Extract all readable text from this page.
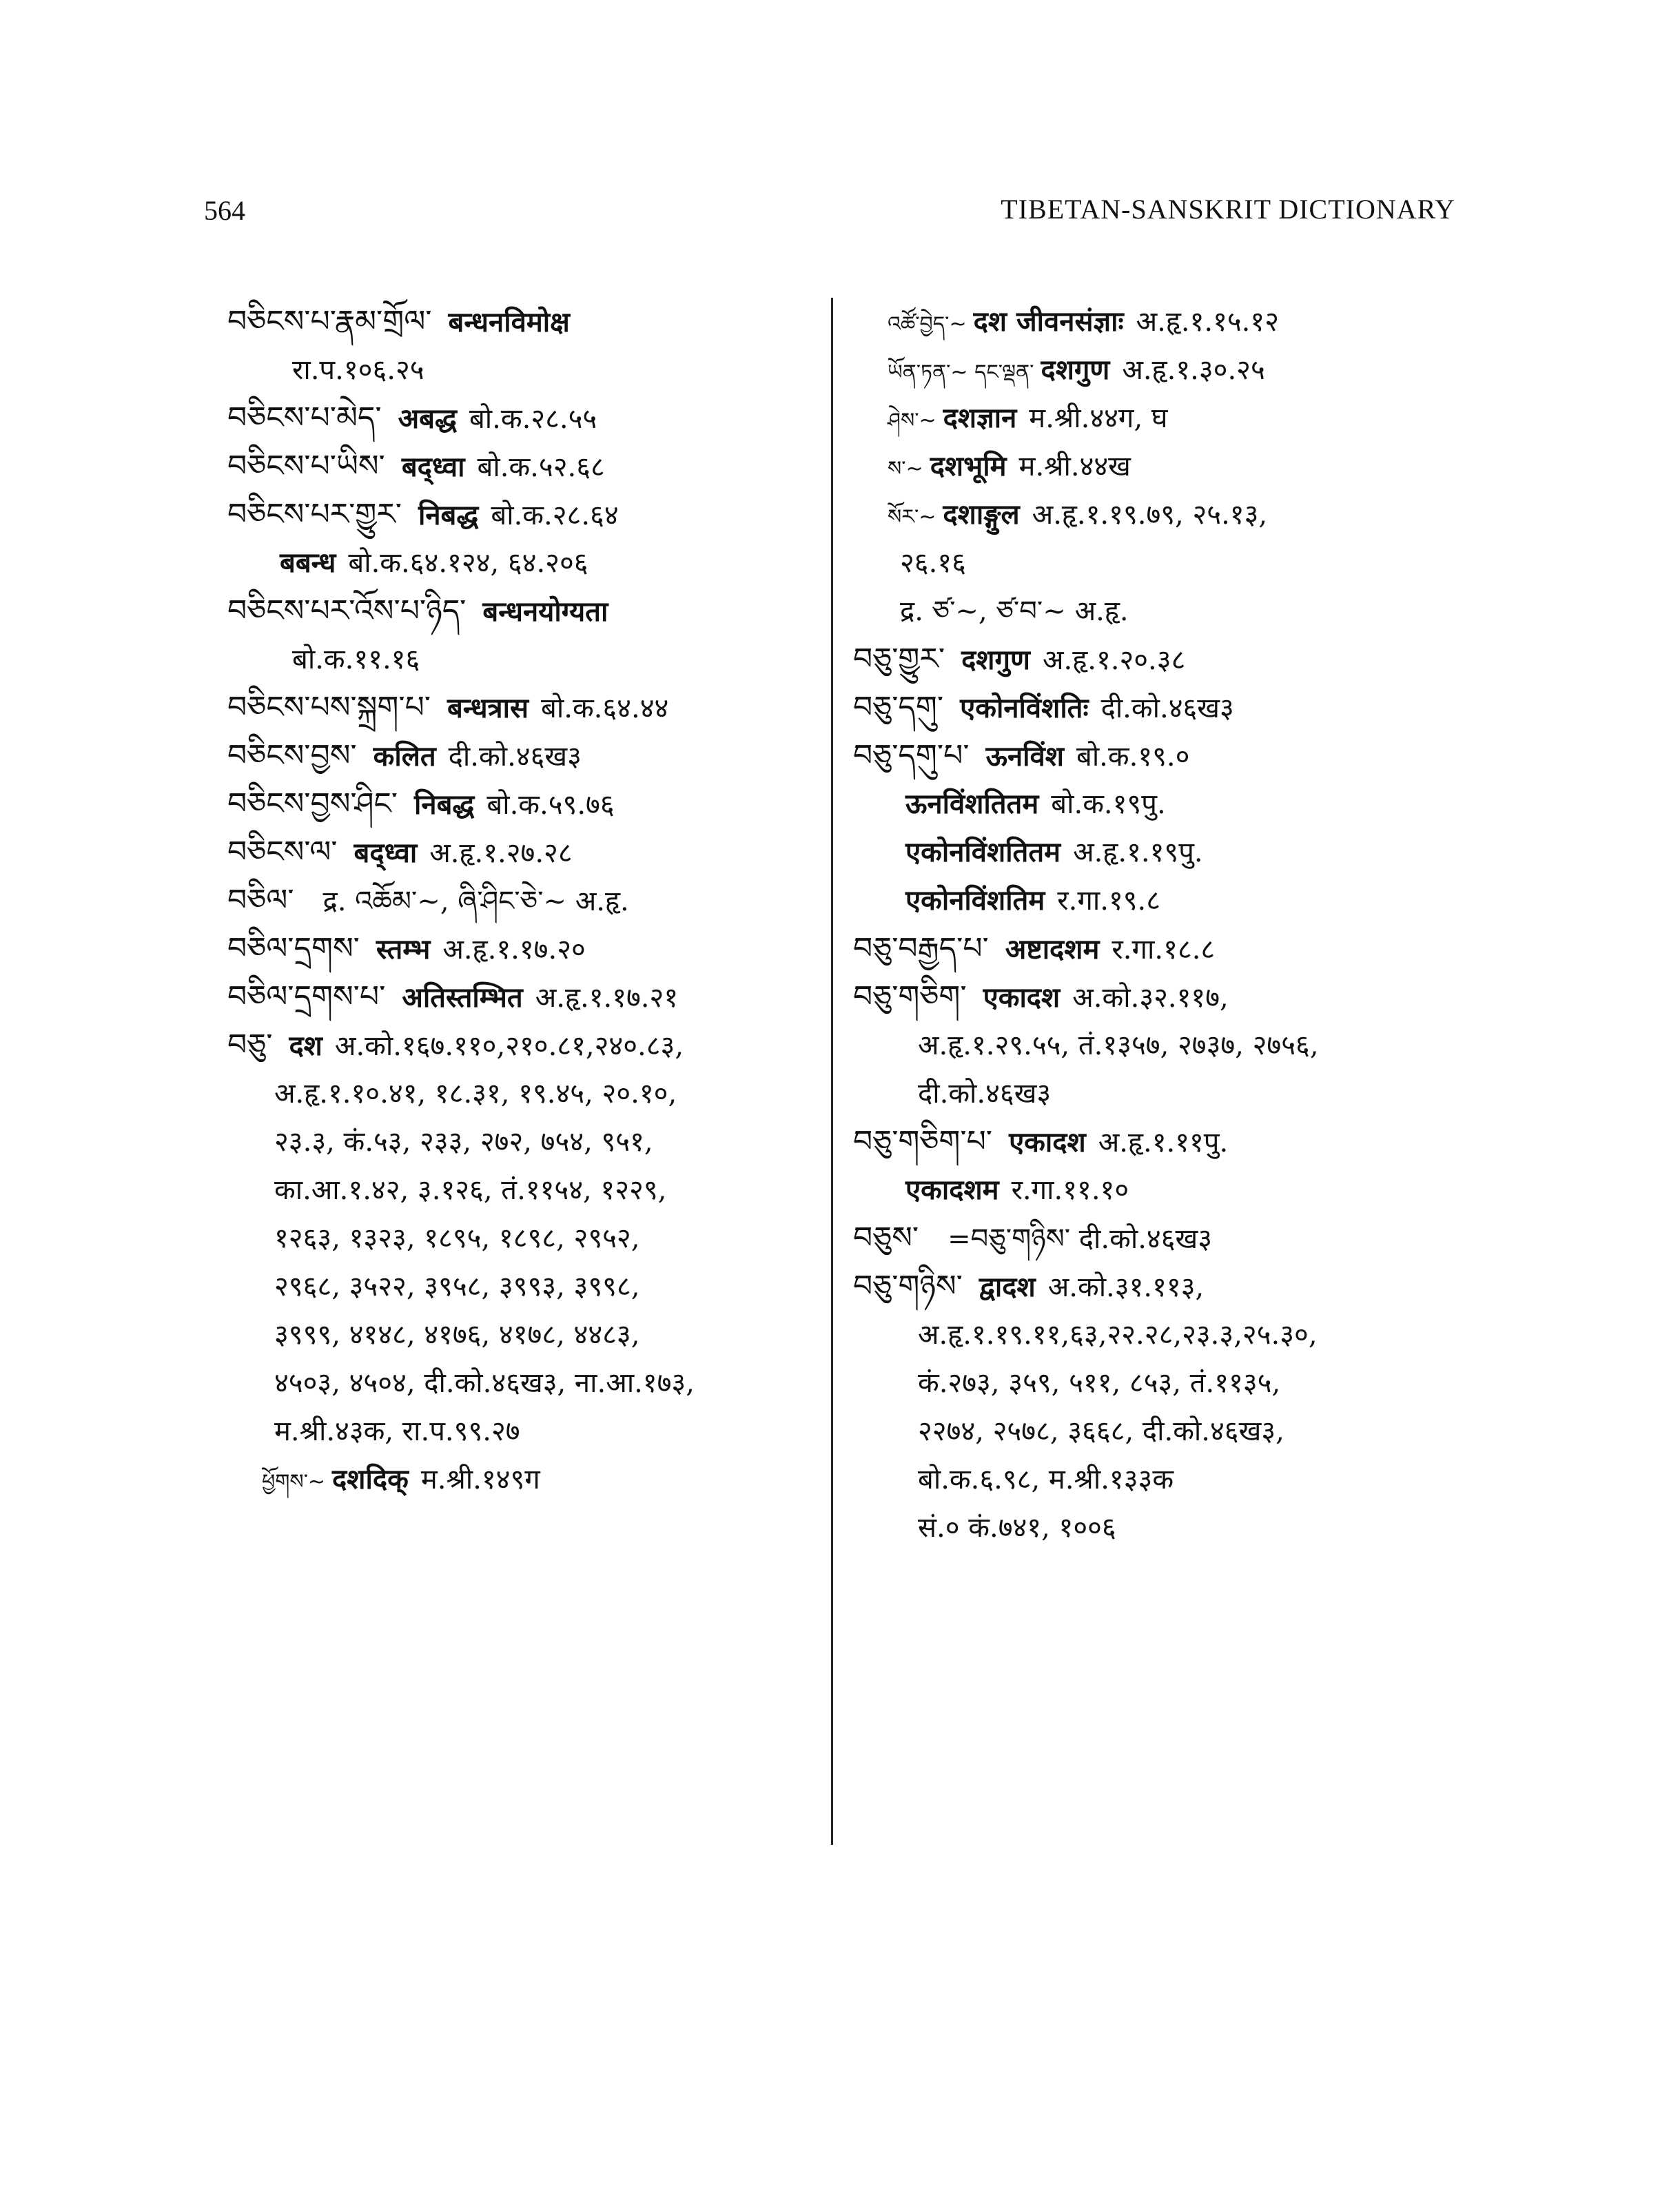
564	TIBETAN-SANSKRIT DICTIONARY
བཅིངས་པ་རྣམ་གྲོལ་ बन्धनविमोक्ष
रा.प.१०६.२५
བཅིངས་པ་མེད་ अबद्ध बो.क.२८.५५
བཅིངས་པ་ཡིས་ बद्ध्वा बो.क.५२.६८
བཅིངས་པར་གྱུར་ निबद्ध बो.क.२८.६४
बबन्ध बो.क.६४.१२४, ६४.२०६
བཅིངས་པར་འོས་པ་ཉིད་ बन्धनयोग्यता
बो.क.११.१६
བཅིངས་པས་སྐྲག་པ་ बन्धत्रास बो.क.६४.४४
བཅིངས་བྱས་ कलित दी.को.४६ख३
བཅིངས་བྱས་ཤིང་ निबद्ध बो.क.५९.७६
བཅིངས་ལ་ बद्ध्वा अ.हृ.१.२७.२८
བཅིལ་ द्र. འཆོམ་~, ཞི་ཤིང་ཅེ་~ अ.हृ.
བཅིལ་དྲགས་ स्तम्भ अ.हृ.१.१७.२०
བཅིལ་དྲགས་པ་ अतिस्तम्भित अ.हृ.१.१७.२१
བཅུ་ दश अ.को.१६७.११०,२१०.८१,२४०.८३,
अ.हृ.१.१०.४१, १८.३१, १९.४५, २०.१०,
२३.३, कं.५३, २३३, २७२, ७५४, ९५१,
का.आ.१.४२, ३.१२६, तं.११५४, १२२९,
१२६३, १३२३, १८९५, १८९८, २९५२,
२९६८, ३५२२, ३९५८, ३९९३, ३९९८,
३९९९, ४१४८, ४१७६, ४१७८, ४४८३,
४५०३, ४५०४, दी.को.४६ख३, ना.आ.१७३,
म.श्री.४३क, रा.प.९९.२७
ཕྱོགས་~ दशदिक् म.श्री.१४९ग
འཚོ་བྱེད་~ दश जीवनसंज्ञाः अ.हृ.१.१५.१२
ཡོན་ཏན་~ དང་ལྡན་ दशगुण अ.हृ.१.३०.२५
ཤེས་~ दशज्ञान म.श्री.४४ग, घ
ས་~ दशभूमि म.श्री.४४ख
སོར་~ दशाङ्गुल अ.हृ.१.१९.७९, २५.१३,
२६.१६
द्र. ཙ་~, ཙ་བ་~ अ.हृ.
བཅུ་གྱུར་ दशगुण अ.हृ.१.२०.३८
བཅུ་དགུ་ एकोनविंशतिः दी.को.४६ख३
བཅུ་དགུ་པ་ ऊनविंश बो.क.१९.०
ऊनविंशतितम बो.क.१९पु.
एकोनविंशतितम अ.हृ.१.१९पु.
एकोनविंशतिम र.गा.१९.८
བཅུ་བརྒྱད་པ་ अष्टादशम र.गा.१८.८
བཅུ་གཅིག་ एकादश अ.को.३२.११७,
अ.हृ.१.२९.५५, तं.१३५७, २७३७, २७५६,
दी.को.४६ख३
བཅུ་གཅིག་པ་ एकादश अ.हृ.१.११पु.
एकादशम र.गा.११.१०
བཅུས་ =བཅུ་གཉིས་ दी.को.४६ख३
བཅུ་གཉིས་ द्वादश अ.को.३१.११३,
अ.हृ.१.१९.११,६३,२२.२८,२३.३,२५.३०,
कं.२७३, ३५९, ५११, ८५३, तं.११३५,
२२७४, २५७८, ३६६८, दी.को.४६ख३,
बो.क.६.९८, म.श्री.१३३क
सं.० कं.७४१, १००६
